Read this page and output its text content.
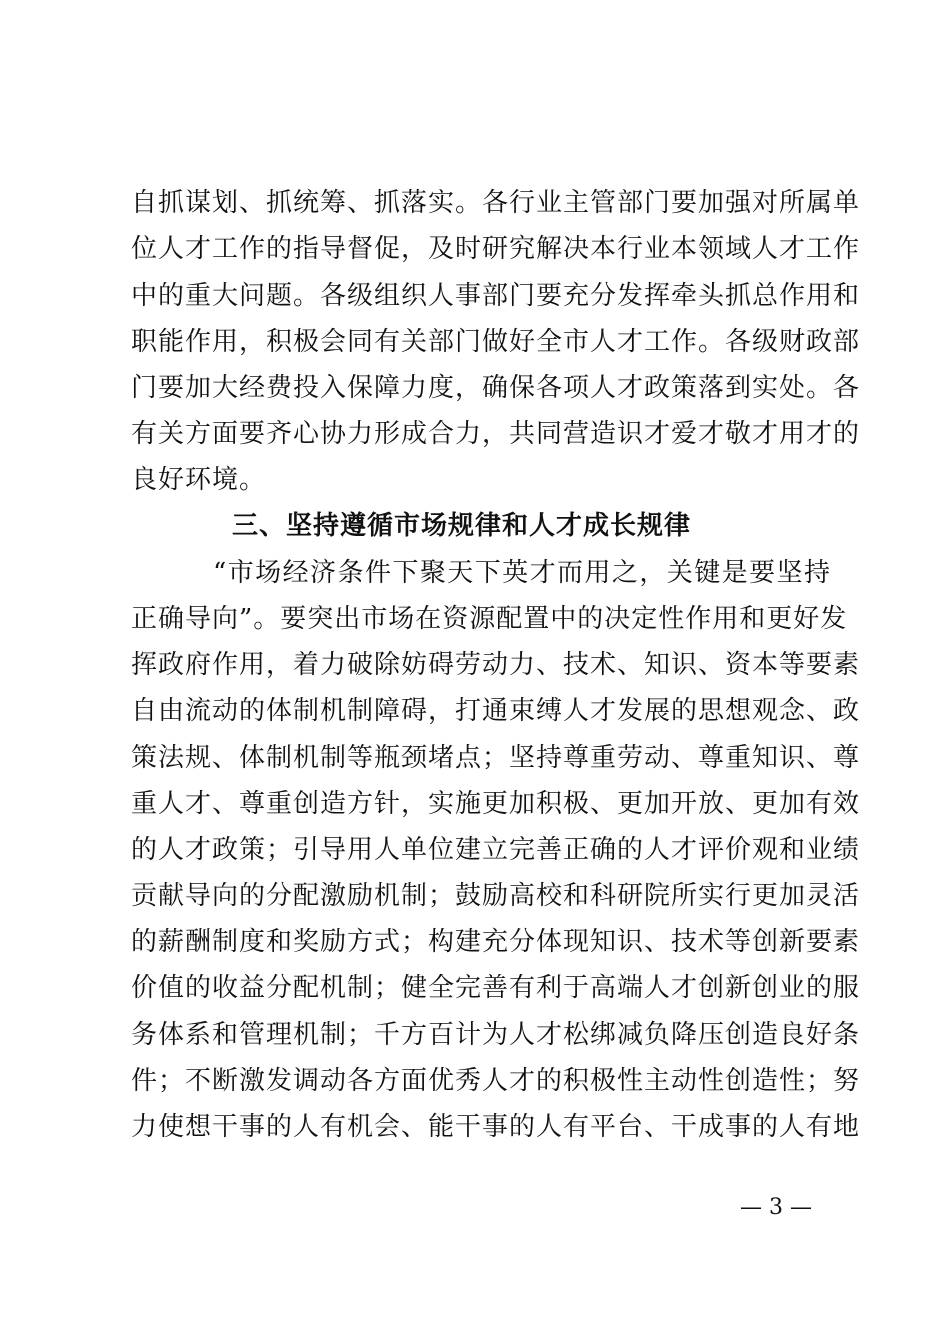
自抓谋划、抓统筹、抓落实。各行业主管部门要加强对所属单
位人才工作的指导督促，及时研究解决本行业本领域人才工作
中的重大问题。各级组织人事部门要充分发挥牵头抓总作用和
职能作用，积极会同有关部门做好全市人才工作。各级财政部
门要加大经费投入保障力度，确保各项人才政策落到实处。各
有关方面要齐心协力形成合力，共同营造识才爱才敬才用才的
良好环境。
三、坚持遵循市场规律和人才成长规律
“市场经济条件下聚天下英才而用之，关键是要坚持
正确导向”。要突出市场在资源配置中的决定性作用和更好发
挥政府作用，着力破除妨碍劳动力、技术、知识、资本等要素
自由流动的体制机制障碍，打通束缚人才发展的思想观念、政
策法规、体制机制等瓶颈堵点；坚持尊重劳动、尊重知识、尊
重人才、尊重创造方针，实施更加积极、更加开放、更加有效
的人才政策；引导用人单位建立完善正确的人才评价观和业绩
贡献导向的分配激励机制；鼓励高校和科研院所实行更加灵活
的薪酬制度和奖励方式；构建充分体现知识、技术等创新要素
价值的收益分配机制；健全完善有利于高端人才创新创业的服
务体系和管理机制；千方百计为人才松绑减负降压创造良好条
件；不断激发调动各方面优秀人才的积极性主动性创造性；努
力使想干事的人有机会、能干事的人有平台、干成事的人有地
— 3 —
